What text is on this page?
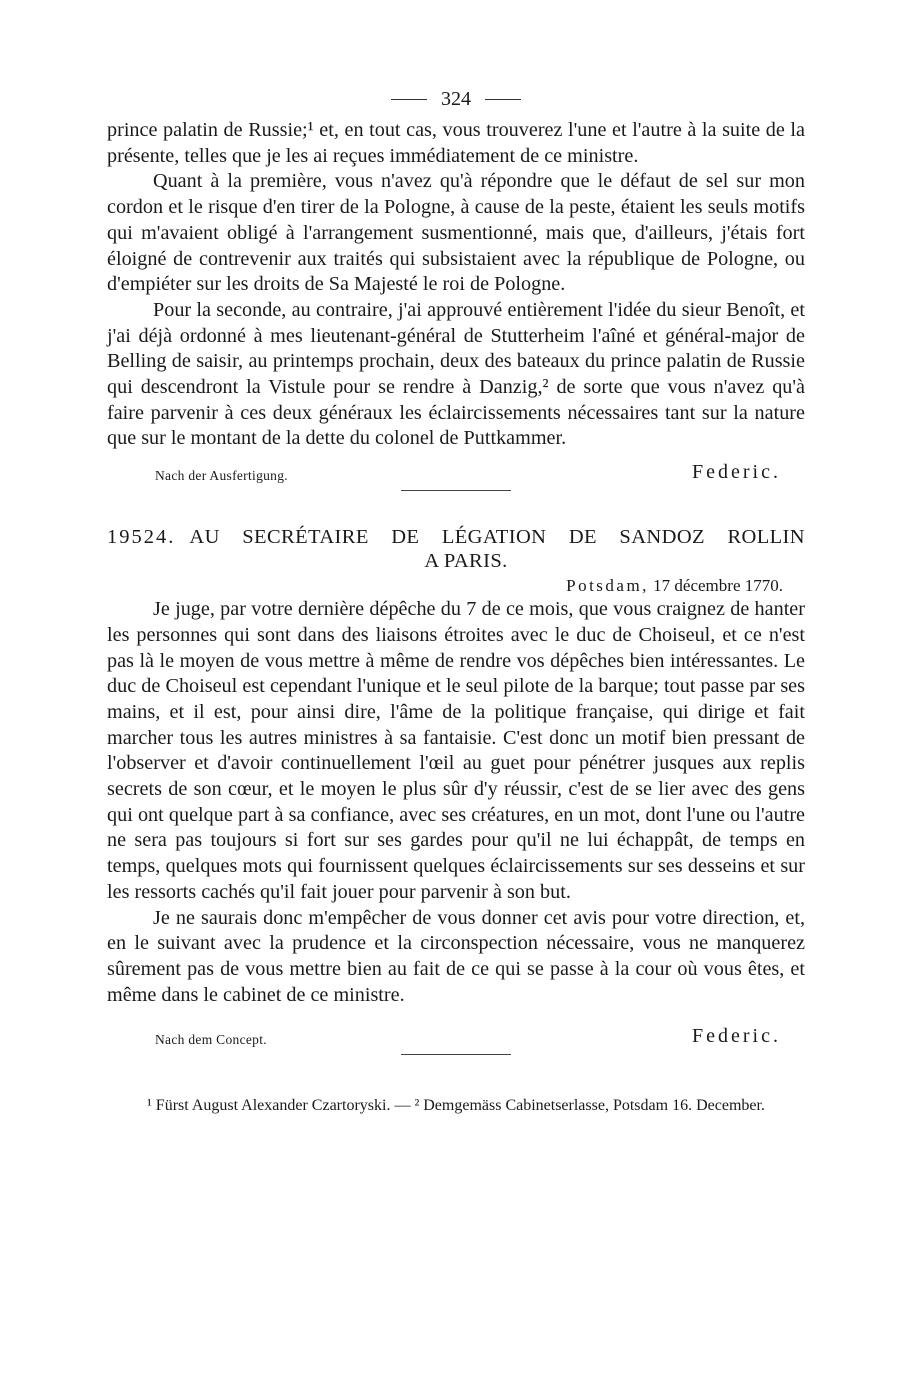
324

prince palatin de Russie;¹ et, en tout cas, vous trouverez l'une et l'autre à la suite de la présente, telles que je les ai reçues immédiatement de ce ministre.

Quant à la première, vous n'avez qu'à répondre que le défaut de sel sur mon cordon et le risque d'en tirer de la Pologne, à cause de la peste, étaient les seuls motifs qui m'avaient obligé à l'arrangement susmentionné, mais que, d'ailleurs, j'étais fort éloigné de contrevenir aux traités qui subsistaient avec la république de Pologne, ou d'empiéter sur les droits de Sa Majesté le roi de Pologne.

Pour la seconde, au contraire, j'ai approuvé entièrement l'idée du sieur Benoît, et j'ai déjà ordonné à mes lieutenant-général de Stutterheim l'aîné et général-major de Belling de saisir, au printemps prochain, deux des bateaux du prince palatin de Russie qui descendront la Vistule pour se rendre à Danzig,² de sorte que vous n'avez qu'à faire parvenir à ces deux généraux les éclaircissements nécessaires tant sur la nature que sur le montant de la dette du colonel de Puttkammer.

Nach der Ausfertigung.	Federic.
19524. AU SECRÉTAIRE DE LÉGATION DE SANDOZ ROLLIN
A PARIS.
Potsdam, 17 décembre 1770.

Je juge, par votre dernière dépêche du 7 de ce mois, que vous craignez de hanter les personnes qui sont dans des liaisons étroites avec le duc de Choiseul, et ce n'est pas là le moyen de vous mettre à même de rendre vos dépêches bien intéressantes. Le duc de Choiseul est cependant l'unique et le seul pilote de la barque; tout passe par ses mains, et il est, pour ainsi dire, l'âme de la politique française, qui dirige et fait marcher tous les autres ministres à sa fantaisie. C'est donc un motif bien pressant de l'observer et d'avoir continuellement l'œil au guet pour pénétrer jusques aux replis secrets de son cœur, et le moyen le plus sûr d'y réussir, c'est de se lier avec des gens qui ont quelque part à sa confiance, avec ses créatures, en un mot, dont l'une ou l'autre ne sera pas toujours si fort sur ses gardes pour qu'il ne lui échappât, de temps en temps, quelques mots qui fournissent quelques éclaircissements sur ses desseins et sur les ressorts cachés qu'il fait jouer pour parvenir à son but.

Je ne saurais donc m'empêcher de vous donner cet avis pour votre direction, et, en le suivant avec la prudence et la circonspection nécessaire, vous ne manquerez sûrement pas de vous mettre bien au fait de ce qui se passe à la cour où vous êtes, et même dans le cabinet de ce ministre.

Nach dem Concept.	Federic.

¹ Fürst August Alexander Czartoryski. — ² Demgemäss Cabinetserlasse, Potsdam 16. December.
